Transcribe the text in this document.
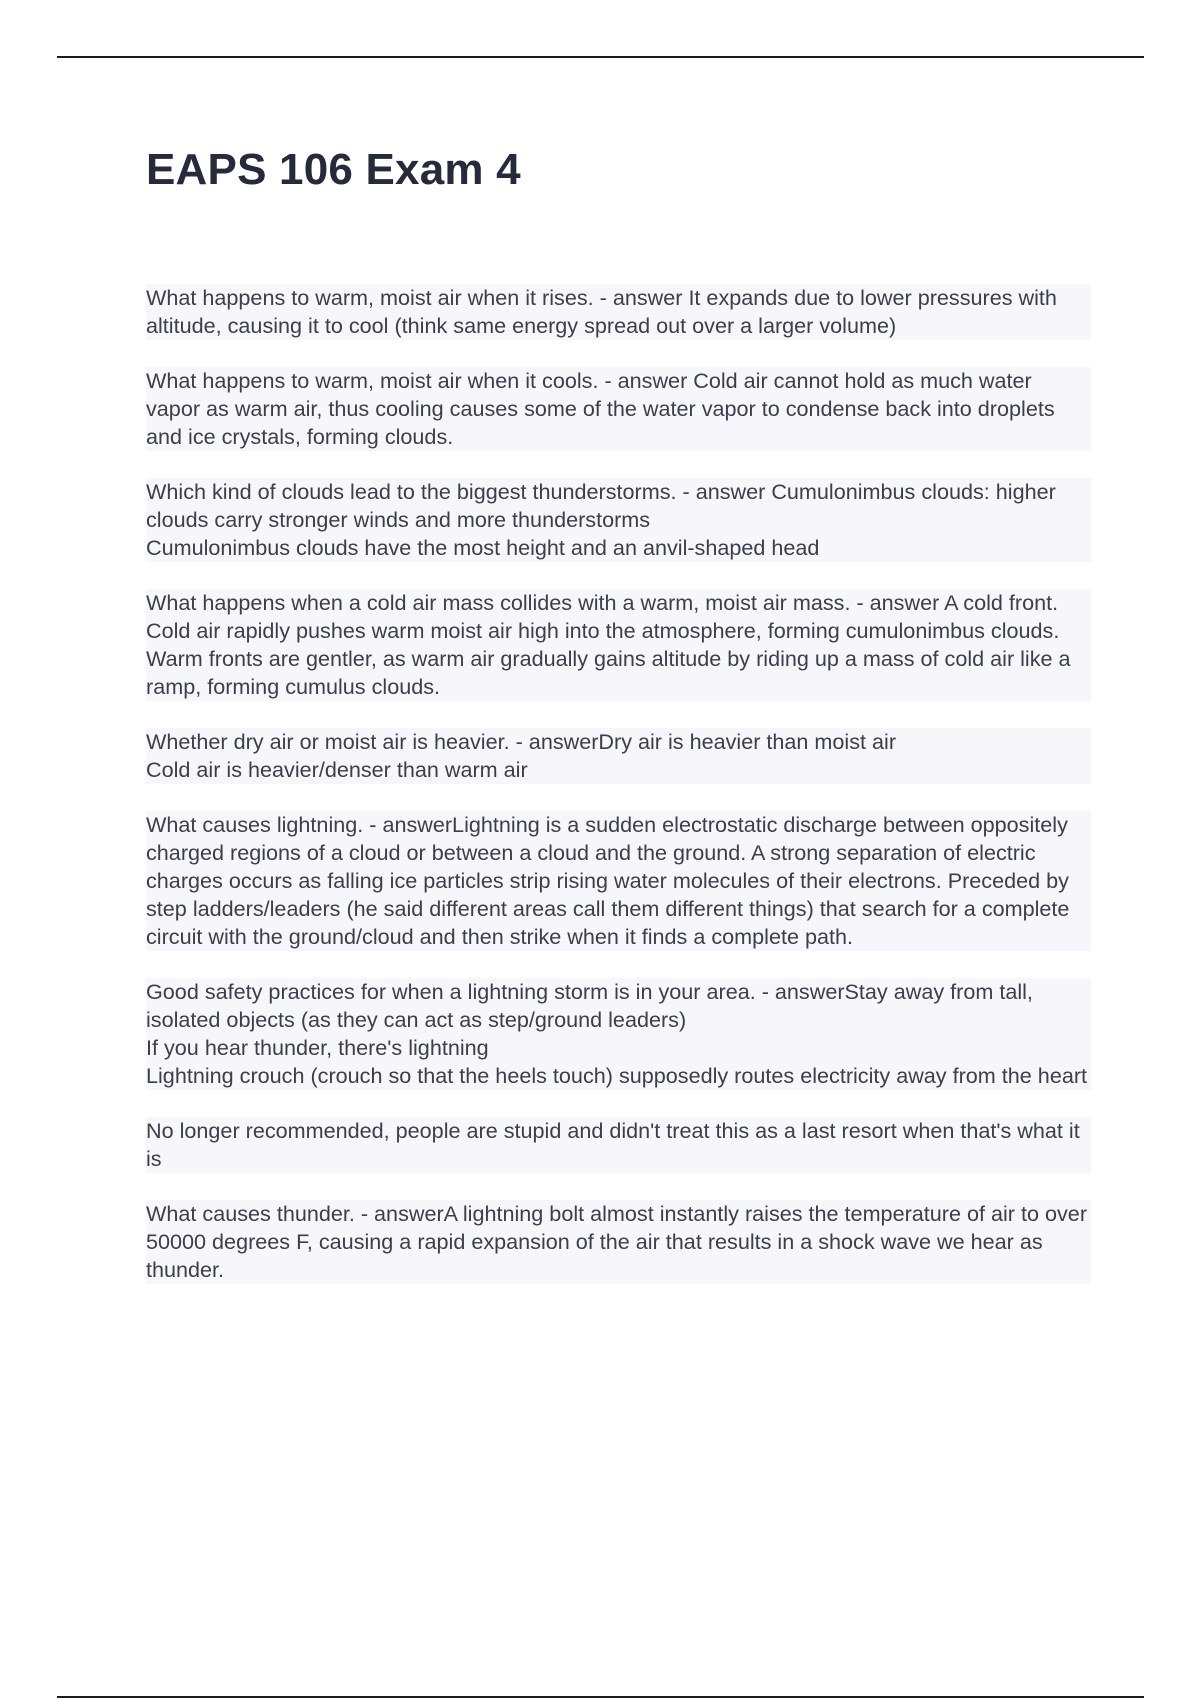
EAPS 106 Exam 4

What happens to warm, moist air when it rises. - answer It expands due to lower pressures with altitude, causing it to cool (think same energy spread out over a larger volume)

What happens to warm, moist air when it cools. - answer Cold air cannot hold as much water vapor as warm air, thus cooling causes some of the water vapor to condense back into droplets and ice crystals, forming clouds.

Which kind of clouds lead to the biggest thunderstorms. - answer Cumulonimbus clouds: higher clouds carry stronger winds and more thunderstorms
Cumulonimbus clouds have the most height and an anvil-shaped head

What happens when a cold air mass collides with a warm, moist air mass. - answer A cold front. Cold air rapidly pushes warm moist air high into the atmosphere, forming cumulonimbus clouds. Warm fronts are gentler, as warm air gradually gains altitude by riding up a mass of cold air like a ramp, forming cumulus clouds.

Whether dry air or moist air is heavier. - answerDry air is heavier than moist air
Cold air is heavier/denser than warm air

What causes lightning. - answerLightning is a sudden electrostatic discharge between oppositely charged regions of a cloud or between a cloud and the ground. A strong separation of electric charges occurs as falling ice particles strip rising water molecules of their electrons. Preceded by step ladders/leaders (he said different areas call them different things) that search for a complete circuit with the ground/cloud and then strike when it finds a complete path.

Good safety practices for when a lightning storm is in your area. - answerStay away from tall, isolated objects (as they can act as step/ground leaders)
If you hear thunder, there's lightning
Lightning crouch (crouch so that the heels touch) supposedly routes electricity away from the heart

No longer recommended, people are stupid and didn't treat this as a last resort when that's what it is

What causes thunder. - answerA lightning bolt almost instantly raises the temperature of air to over 50000 degrees F, causing a rapid expansion of the air that results in a shock wave we hear as thunder.
